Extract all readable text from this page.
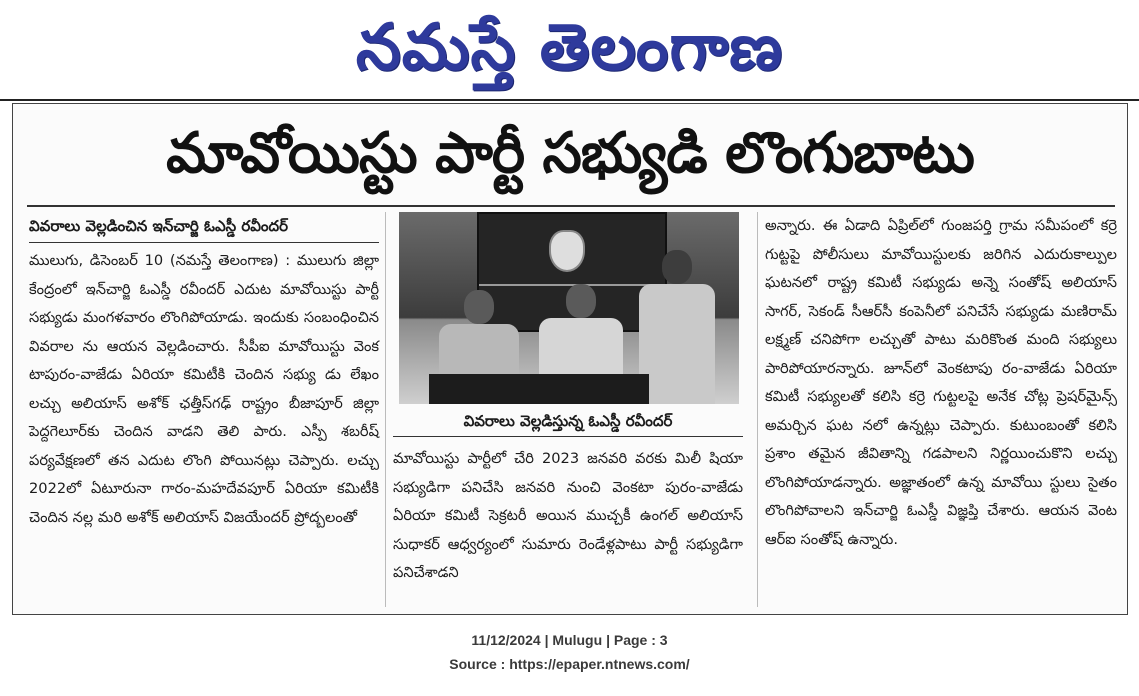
నమస్తే తెలంగాణ
మావోయిస్టు పార్టీ సభ్యుడి లొంగుబాటు
వివరాలు వెల్లడించిన ఇన్‌చార్జి ఓఎస్డీ రవీందర్

ములుగు, డిసెంబర్ 10 (నమస్తే తెలంగాణ) : ములుగు జిల్లా కేంద్రంలో ఇన్‌చార్జి ఓఎస్డీ రవీందర్ ఎదుట మావోయిస్టు పార్టీ సభ్యుడు మంగళవారం లొంగిపోయాడు. ఇందుకు సంబంధించిన వివరాల ను ఆయన వెల్లడించారు. సీపీఐ మావోయిస్టు వెంక టాపురం-వాజేడు ఏరియా కమిటీకి చెందిన సభ్యు డు లేఖం లచ్చు అలియాస్ అశోక్ ఛత్తీస్‌గఢ్ రాష్ట్రం బీజాపూర్ జిల్లా పెద్దగెలూర్‌కు చెందిన వాడని తెలి పారు. ఎస్పీ శబరీష్ పర్యవేక్షణలో తన ఎదుట లొంగి పోయినట్లు చెప్పారు. లచ్చు 2022లో ఏటూరునా గారం-మహదేవపూర్ ఏరియా కమిటీకి చెందిన నల్ల మరి అశోక్ అలియాస్ విజయేందర్ ప్రోద్బలంతో

వివరాలు వెల్లడిస్తున్న ఓఎస్డీ రవీందర్

మావోయిస్టు పార్టీలో చేరి 2023 జనవరి వరకు మిలీ షియా సభ్యుడిగా పనిచేసి జనవరి నుంచి వెంకటా పురం-వాజేడు ఏరియా కమిటీ సెక్రటరీ అయిన ముచ్చకీ ఉంగల్ అలియాస్ సుధాకర్ ఆధ్వర్యంలో సుమారు రెండేళ్లపాటు పార్టీ సభ్యుడిగా పనిచేశాడని

అన్నారు. ఈ ఏడాది ఏప్రిల్‌లో గుంజపర్తి గ్రామ సమీపంలో కర్రె గుట్టపై పోలీసులు మావోయిస్టులకు జరిగిన ఎదురుకాల్పుల ఘటనలో రాష్ట్ర కమిటీ సభ్యుడు అన్నె సంతోష్ అలియాస్ సాగర్, సెకండ్ సీఆర్‌సీ కంపెనీలో పనిచేసే సభ్యుడు మణిరామ్ లక్ష్మణ్ చనిపోగా లచ్చుతో పాటు మరికొంత మంది సభ్యులు పారిపోయారన్నారు. జూన్‌లో వెంకటాపు రం-వాజేడు ఏరియా కమిటీ సభ్యులతో కలిసి కర్రె గుట్టలపై అనేక చోట్ల ప్రెషర్‌మైన్స్ అమర్చిన ఘట నలో ఉన్నట్లు చెప్పారు. కుటుంబంతో కలిసి ప్రశాం తమైన జీవితాన్ని గడపాలని నిర్ణయించుకొని లచ్చు లొంగిపోయాడన్నారు. అజ్ఞాతంలో ఉన్న మావోయి స్టులు సైతం లొంగిపోవాలని ఇన్‌చార్జి ఓఎస్డీ విజ్ఞప్తి చేశారు. ఆయన వెంట ఆర్ఐ సంతోష్ ఉన్నారు.

11/12/2024 | Mulugu | Page : 3
Source : https://epaper.ntnews.com/
